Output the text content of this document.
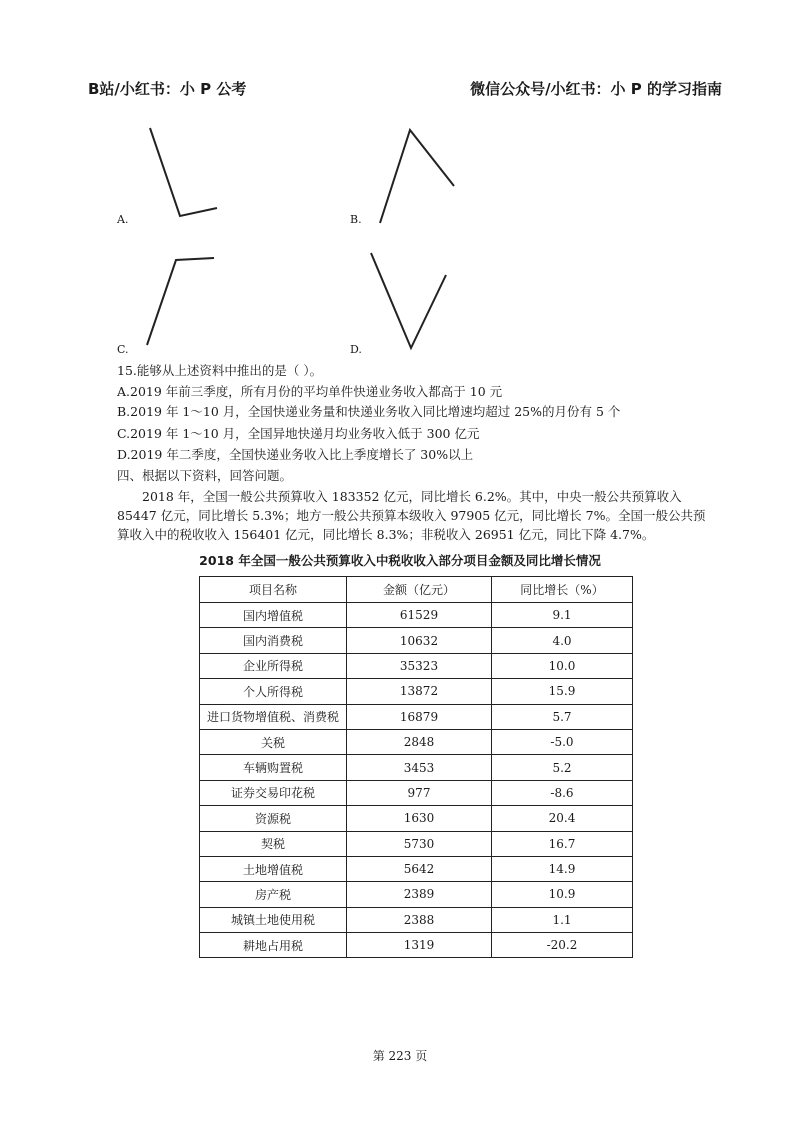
B站/小红书：小 P 公考	微信公众号/小红书：小 P 的学习指南
A.	B.
C.	D.
15.能够从上述资料中推出的是（ ）。
A.2019 年前三季度，所有月份的平均单件快递业务收入都高于 10 元
B.2019 年 1～10 月，全国快递业务量和快递业务收入同比增速均超过 25%的月份有 5 个
C.2019 年 1～10 月，全国异地快递月均业务收入低于 300 亿元
D.2019 年二季度，全国快递业务收入比上季度增长了 30%以上
四、根据以下资料，回答问题。

2018 年，全国一般公共预算收入 183352 亿元，同比增长 6.2%。其中，中央一般公共预算收入 85447 亿元，同比增长 5.3%；地方一般公共预算本级收入 97905 亿元，同比增长 7%。全国一般公共预算收入中的税收收入 156401 亿元，同比增长 8.3%；非税收入 26951 亿元，同比下降 4.7%。

2018 年全国一般公共预算收入中税收收入部分项目金额及同比增长情况
项目名称	金额（亿元）	同比增长（%）
国内增值税	61529	9.1
国内消费税	10632	4.0
企业所得税	35323	10.0
个人所得税	13872	15.9
进口货物增值税、消费税	16879	5.7
关税	2848	-5.0
车辆购置税	3453	5.2
证券交易印花税	977	-8.6
资源税	1630	20.4
契税	5730	16.7
土地增值税	5642	14.9
房产税	2389	10.9
城镇土地使用税	2388	1.1
耕地占用税	1319	-20.2
第 223 页
